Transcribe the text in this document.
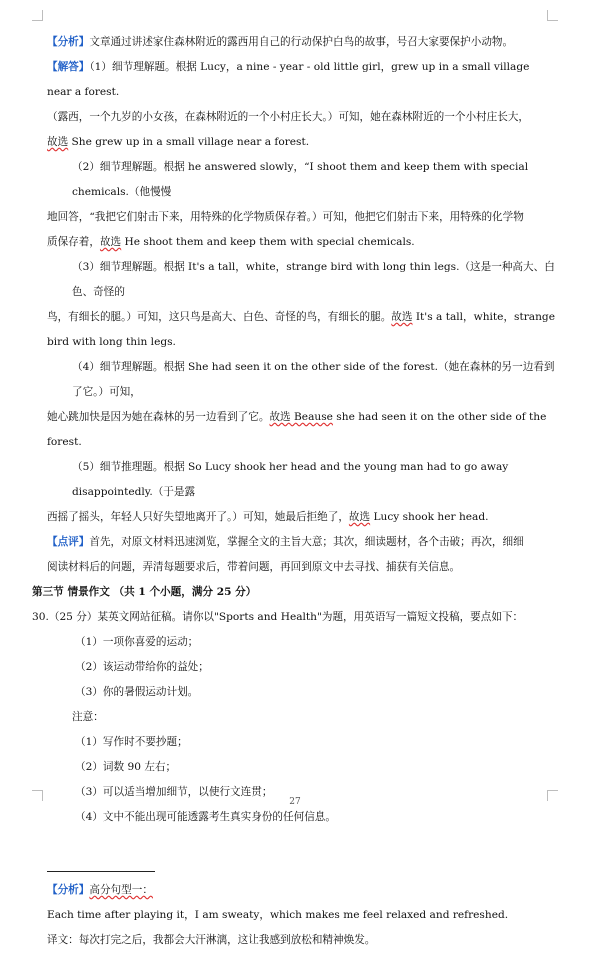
【分析】文章通过讲述家住森林附近的露西用自己的行动保护白鸟的故事，号召大家要保护小动物。

【解答】（1）细节理解题。根据 Lucy，a nine - year - old little girl，grew up in a small village near a forest.

（露西，一个九岁的小女孩，在森林附近的一个小村庄长大。）可知，她在森林附近的一个小村庄长大，

故选 She grew up in a small village near a forest.

（2）细节理解题。根据 he answered slowly，“I shoot them and keep them with special chemicals.（他慢慢

地回答，“我把它们射击下来，用特殊的化学物质保存着。）可知，他把它们射击下来，用特殊的化学物

质保存着，故选 He shoot them and keep them with special chemicals.

（3）细节理解题。根据 It's a tall，white，strange bird with long thin legs.（这是一种高大、白色、奇怪的

鸟，有细长的腿。）可知，这只鸟是高大、白色、奇怪的鸟，有细长的腿。故选 It's a tall，white，strange

bird with long thin legs.

（4）细节理解题。根据 She had seen it on the other side of the forest.（她在森林的另一边看到了它。）可知，

她心跳加快是因为她在森林的另一边看到了它。故选 Beause she had seen it on the other side of the forest.

（5）细节推理题。根据 So Lucy shook her head and the young man had to go away disappointedly.（于是露

西摇了摇头，年轻人只好失望地离开了。）可知，她最后拒绝了，故选 Lucy shook her head.

【点评】首先，对原文材料迅速浏览，掌握全文的主旨大意；其次，细读题材，各个击破；再次，细细

阅读材料后的问题，弄清每题要求后，带着问题，再回到原文中去寻找、捕获有关信息。

第三节 情景作文 （共 1 个小题，满分 25 分）

30.（25 分）某英文网站征稿。请你以"Sports and Health"为题，用英语写一篇短文投稿，要点如下：

（1）一项你喜爱的运动；

（2）该运动带给你的益处；

（3）你的暑假运动计划。

注意：

（1）写作时不要抄题；

（2）词数 90 左右；

（3）可以适当增加细节，以使行文连贯；

（4）文中不能出现可能透露考生真实身份的任何信息。

【分析】高分句型一：

Each time after playing it，I am sweaty，which makes me feel relaxed and refreshed.

译文：每次打完之后，我都会大汗淋漓，这让我感到放松和精神焕发。

27
